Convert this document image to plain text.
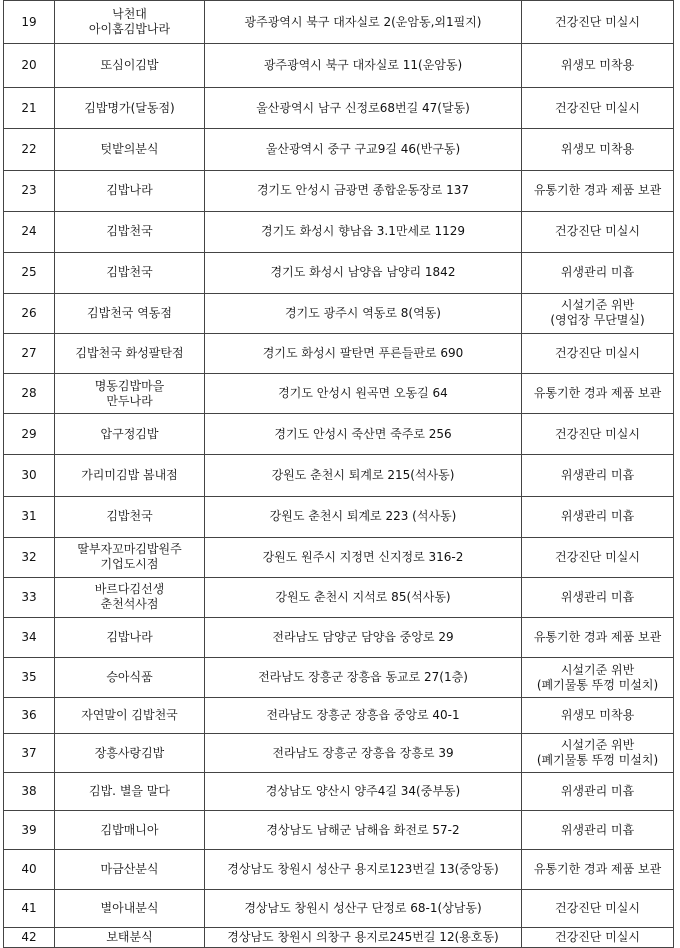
19	낙천대
아이홉김밥나라	광주광역시 북구 대자실로 2(운암동,외1필지)	건강진단 미실시
20	또심이김밥	광주광역시 북구 대자실로 11(운암동)	위생모 미착용
21	김밥명가(달동점)	울산광역시 남구 신정로68번길 47(달동)	건강진단 미실시
22	텃밭의분식	울산광역시 중구 구교9길 46(반구동)	위생모 미착용
23	김밥나라	경기도 안성시 금광면 종합운동장로 137	유통기한 경과 제품 보관
24	김밥천국	경기도 화성시 향남읍 3.1만세로 1129	건강진단 미실시
25	김밥천국	경기도 화성시 남양읍 남양리 1842	위생관리 미흡
26	김밥천국 역동점	경기도 광주시 역동로 8(역동)	시설기준 위반
(영업장 무단멸실)
27	김밥천국 화성팔탄점	경기도 화성시 팔탄면 푸른들판로 690	건강진단 미실시
28	명동김밥마을
만두나라	경기도 안성시 원곡면 오동길 64	유통기한 경과 제품 보관
29	압구정김밥	경기도 안성시 죽산면 죽주로 256	건강진단 미실시
30	가리미김밥 봄내점	강원도 춘천시 퇴계로 215(석사동)	위생관리 미흡
31	김밥천국	강원도 춘천시 퇴계로 223 (석사동)	위생관리 미흡
32	딸부자꼬마김밥원주
기업도시점	강원도 원주시 지정면 신지정로 316-2	건강진단 미실시
33	바르다김선생
춘천석사점	강원도 춘천시 지석로 85(석사동)	위생관리 미흡
34	김밥나라	전라남도 담양군 담양읍 중앙로 29	유통기한 경과 제품 보관
35	승아식품	전라남도 장흥군 장흥읍 동교로 27(1층)	시설기준 위반
(폐기물통 뚜껑 미설치)
36	자연말이 김밥천국	전라남도 장흥군 장흥읍 중앙로 40-1	위생모 미착용
37	장흥사랑김밥	전라남도 장흥군 장흥읍 장흥로 39	시설기준 위반
(폐기물통 뚜껑 미설치)
38	김밥. 별을 말다	경상남도 양산시 양주4길 34(중부동)	위생관리 미흡
39	김밥매니아	경상남도 남해군 남해읍 화전로 57-2	위생관리 미흡
40	마금산분식	경상남도 창원시 성산구 용지로123번길 13(중앙동)	유통기한 경과 제품 보관
41	별아내분식	경상남도 창원시 성산구 단정로 68-1(상남동)	건강진단 미실시
42	보태분식	경상남도 창원시 의창구 용지로245번길 12(용호동)	건강진단 미실시
